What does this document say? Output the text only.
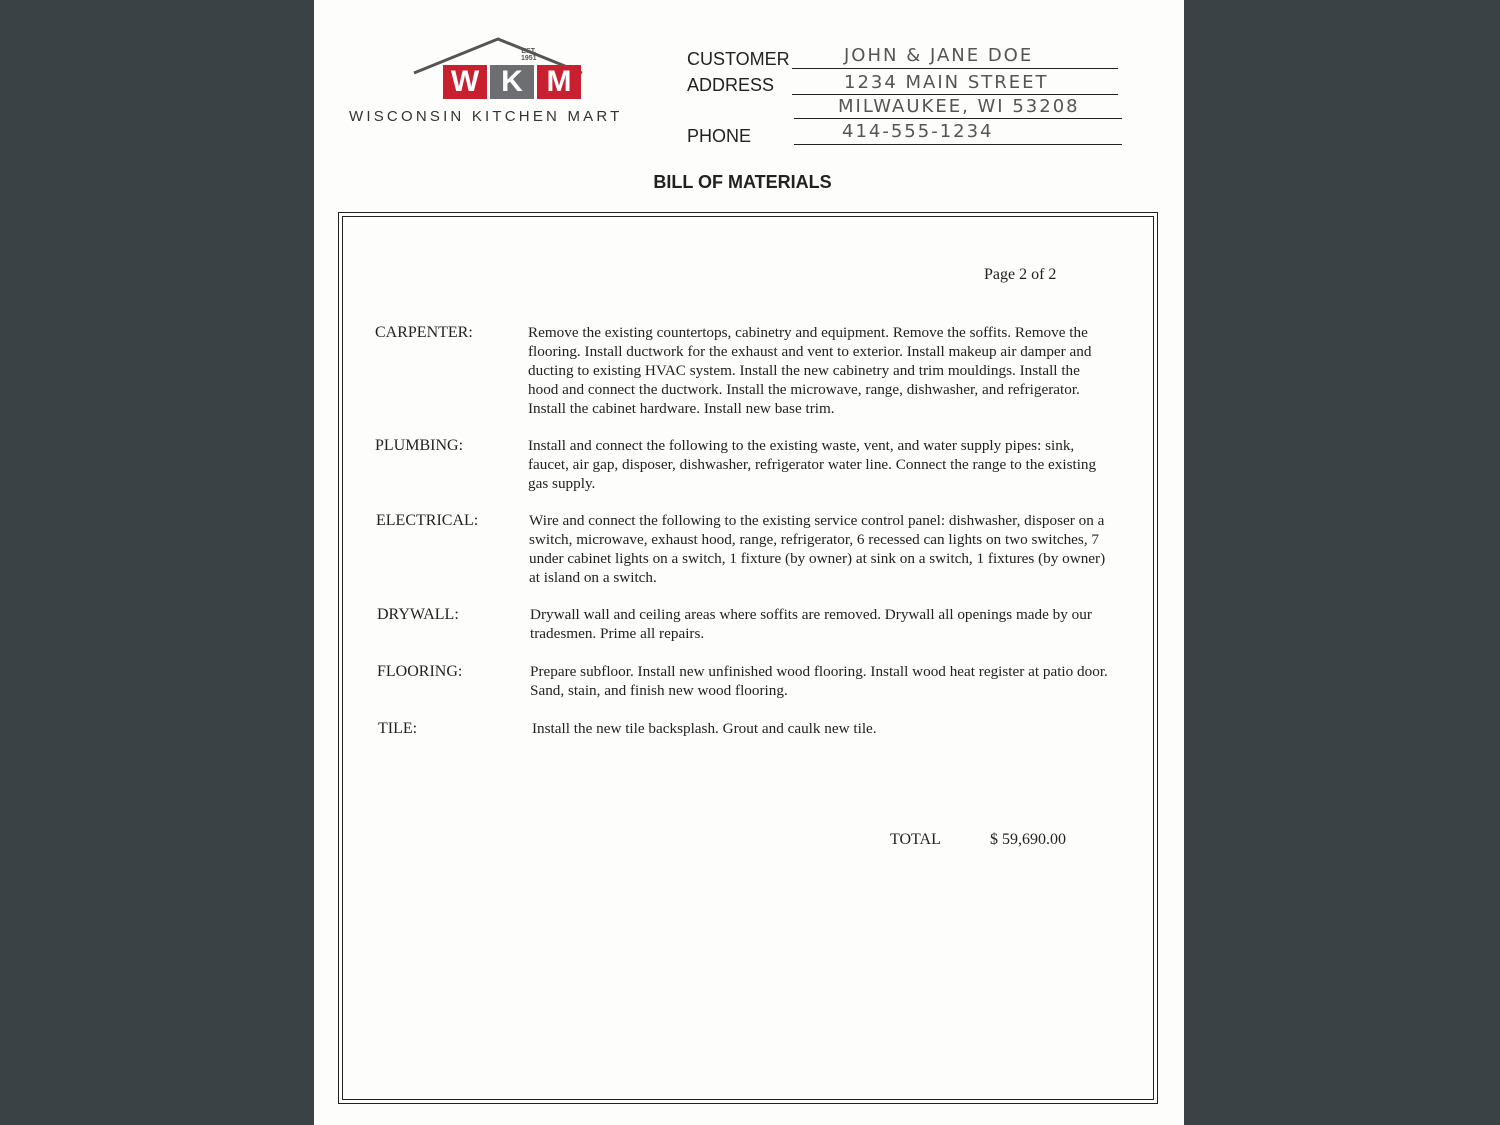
EST.
1951
W K M
WISCONSIN KITCHEN MART
CUSTOMER	JOHN & JANE DOE
ADDRESS	1234 MAIN STREET
MILWAUKEE, WI 53208
PHONE	414-555-1234
BILL OF MATERIALS
Page 2 of 2
CARPENTER:	Remove the existing countertops, cabinetry and equipment. Remove the soffits. Remove the flooring. Install ductwork for the exhaust and vent to exterior. Install makeup air damper and ducting to existing HVAC system. Install the new cabinetry and trim mouldings. Install the hood and connect the ductwork. Install the microwave, range, dishwasher, and refrigerator. Install the cabinet hardware. Install new base trim.
PLUMBING:	Install and connect the following to the existing waste, vent, and water supply pipes: sink, faucet, air gap, disposer, dishwasher, refrigerator water line. Connect the range to the existing gas supply.
ELECTRICAL:	Wire and connect the following to the existing service control panel: dishwasher, disposer on a switch, microwave, exhaust hood, range, refrigerator, 6 recessed can lights on two switches, 7 under cabinet lights on a switch, 1 fixture (by owner) at sink on a switch, 1 fixtures (by owner) at island on a switch.
DRYWALL:	Drywall wall and ceiling areas where soffits are removed. Drywall all openings made by our tradesmen. Prime all repairs.
FLOORING:	Prepare subfloor. Install new unfinished wood flooring. Install wood heat register at patio door. Sand, stain, and finish new wood flooring.
TILE:	Install the new tile backsplash. Grout and caulk new tile.
TOTAL	$ 59,690.00
